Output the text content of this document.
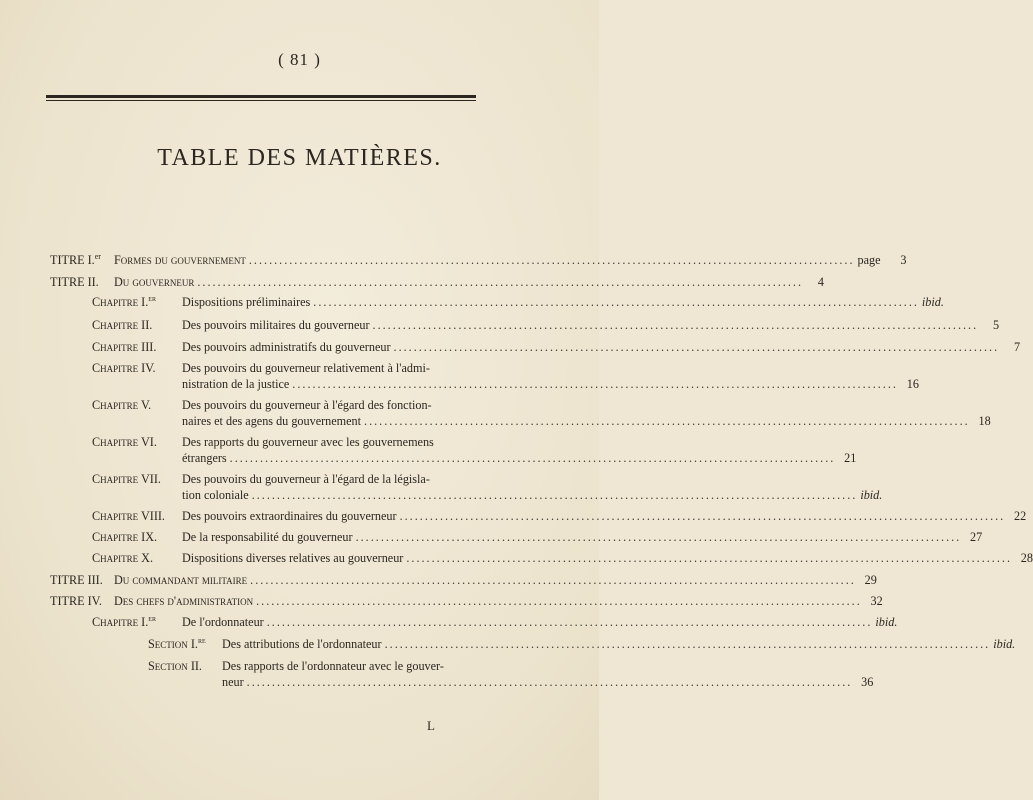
( 81 )
TABLE DES MATIÈRES.
TITRE I.$^{er}$	Formes du gouvernement ........................................................................................................................ page	3
TITRE II.	Du gouverneur ........................................................................................................................	4
Chapitre I.$^{er}$	Dispositions préliminaires ........................................................................................................................ ibid.
Chapitre II.	Des pouvoirs militaires du gouverneur ........................................................................................................................	5
Chapitre III.	Des pouvoirs administratifs du gouverneur ........................................................................................................................	7
Chapitre IV. Des pouvoirs du gouverneur relativement à l'admi-
nistration de la justice ........................................................................................................................ 16
Chapitre V.	Des pouvoirs du gouverneur à l'égard des fonction-
naires et des agens du gouvernement ........................................................................................................................ 18
Chapitre VI. Des rapports du gouverneur avec les gouvernemens
étrangers ........................................................................................................................ 21
Chapitre VII. Des pouvoirs du gouverneur à l'égard de la législa-
tion coloniale ........................................................................................................................ ibid.
Chapitre VIII.	Des pouvoirs extraordinaires du gouverneur ........................................................................................................................ 22
Chapitre IX.	De la responsabilité du gouverneur ........................................................................................................................ 27
Chapitre X.	Dispositions diverses relatives au gouverneur ........................................................................................................................ 28
TITRE III. Du commandant militaire ........................................................................................................................ 29
TITRE IV. Des chefs d'administration ........................................................................................................................ 32
Chapitre I.$^{er}$	De l'ordonnateur ........................................................................................................................ ibid.
Section I.$^{re}$	Des attributions de l'ordonnateur ........................................................................................................................ ibid.
Section II. Des rapports de l'ordonnateur avec le gouver-
neur ........................................................................................................................ 36
L
